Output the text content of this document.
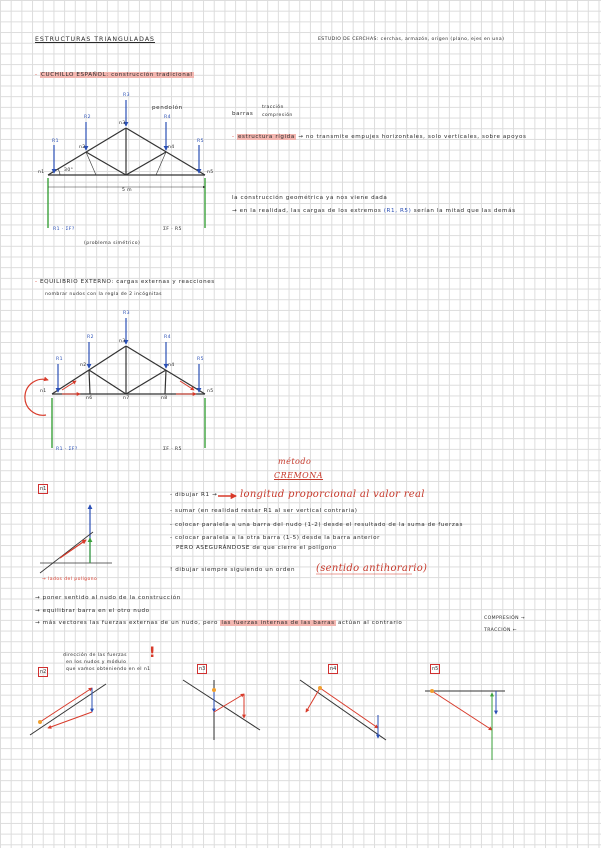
ESTRUCTURAS TRIANGULADAS	ESTUDIO DE CERCHAS: cerchas, armazón, origen (plano, ejes en una)
- CUCHILLO ESPAÑOL: construcción tradicional
R3
R2	R4
R1	R5
n1
n2
n3
n4
n5
30°
5 m
pendolón
R1 · ΣF?	ΣF · R5
(problema simétrico)
barras
tracción
compresión
- estructura rígida → no transmite empujes horizontales, solo verticales, sobre apoyos
la construcción geométrica ya nos viene dada
→ en la realidad, las cargas de los extremos (R1, R5) serían la mitad que las demás
- EQUILIBRIO EXTERNO: cargas externas y reacciones
nombrar nudos con la regla de 2 incógnitas
R3
R2	R4
R1	R5
n1
n2
n3
n4
n5
n6	n7	n8
R1 · ΣF?	ΣF · R5
método
CREMONA
n1
- dibujar R1 → longitud proporcional al valor real
- sumar (en realidad restar R1 al ser vertical contraria)
- colocar paralela a una barra del nudo (1-2) desde el resultado de la suma de fuerzas
- colocar paralela a la otra barra (1-5) desde la barra anterior
PERO ASEGURÁNDOSE de que cierre el polígono
! dibujar siempre siguiendo un orden (sentido antihorario)
→ lados del polígono
→ poner sentido al nudo de la construcción
→ equilibrar barra en el otro nudo
→ más vectores las fuerzas externas de un nudo, pero las fuerzas internas de las barras actúan al contrario
COMPRESIÓN →
TRACCIÓN ←
dirección de las fuerzas
en los nudos y módulo
que vamos obteniendo en el n1
!
n2	n3	n4	n5
